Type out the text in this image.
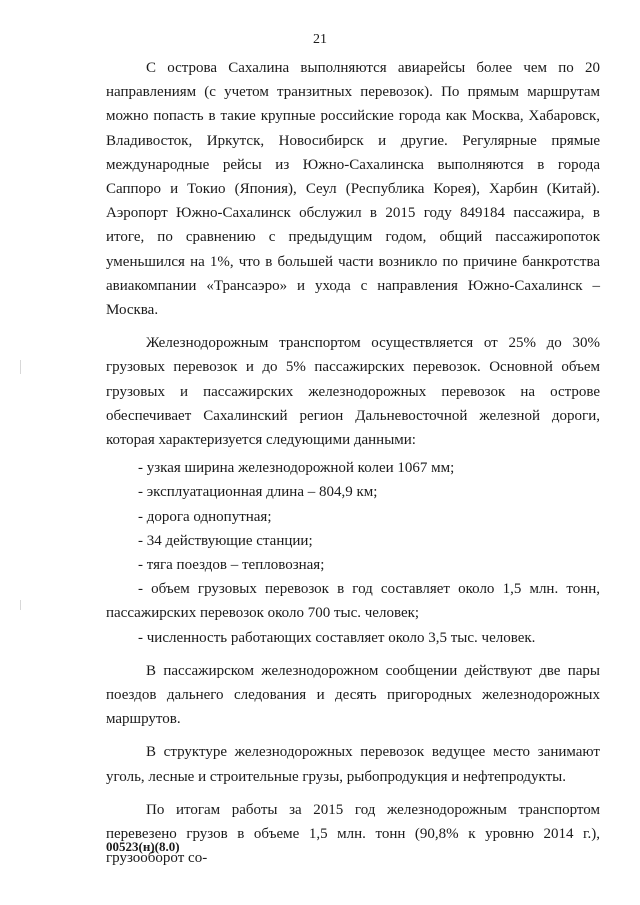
21

С острова Сахалина выполняются авиарейсы более чем по 20 направлениям (с учетом транзитных перевозок). По прямым маршрутам можно попасть в такие крупные российские города как Москва, Хабаровск, Владивосток, Иркутск, Новосибирск и другие. Регулярные прямые международные рейсы из Южно-Сахалинска выполняются в города Саппоро и Токио (Япония), Сеул (Республика Корея), Харбин (Китай). Аэропорт Южно-Сахалинск обслужил в 2015 году 849184 пассажира, в итоге, по сравнению с предыдущим годом, общий пассажиропоток уменьшился на 1%, что в большей части возникло по причине банкротства авиакомпании «Трансаэро» и ухода с направления Южно-Сахалинск – Москва.

Железнодорожным транспортом осуществляется от 25% до 30% грузовых перевозок и до 5% пассажирских перевозок. Основной объем грузовых и пассажирских железнодорожных перевозок на острове обеспечивает Сахалинский регион Дальневосточной железной дороги, которая характеризуется следующими данными:

- узкая ширина железнодорожной колеи 1067 мм;

- эксплуатационная длина – 804,9 км;

- дорога однопутная;

- 34 действующие станции;

- тяга поездов – тепловозная;

- объем грузовых перевозок в год составляет около 1,5 млн. тонн, пассажирских перевозок около 700 тыс. человек;

- численность работающих составляет около 3,5 тыс. человек.

В пассажирском железнодорожном сообщении действуют две пары поездов дальнего следования и десять пригородных железнодорожных маршрутов.

В структуре железнодорожных перевозок ведущее место занимают уголь, лесные и строительные грузы, рыбопродукция и нефтепродукты.

По итогам работы за 2015 год железнодорожным транспортом перевезено грузов в объеме 1,5 млн. тонн (90,8% к уровню 2014 г.), грузооборот со-

00523(н)(8.0)
